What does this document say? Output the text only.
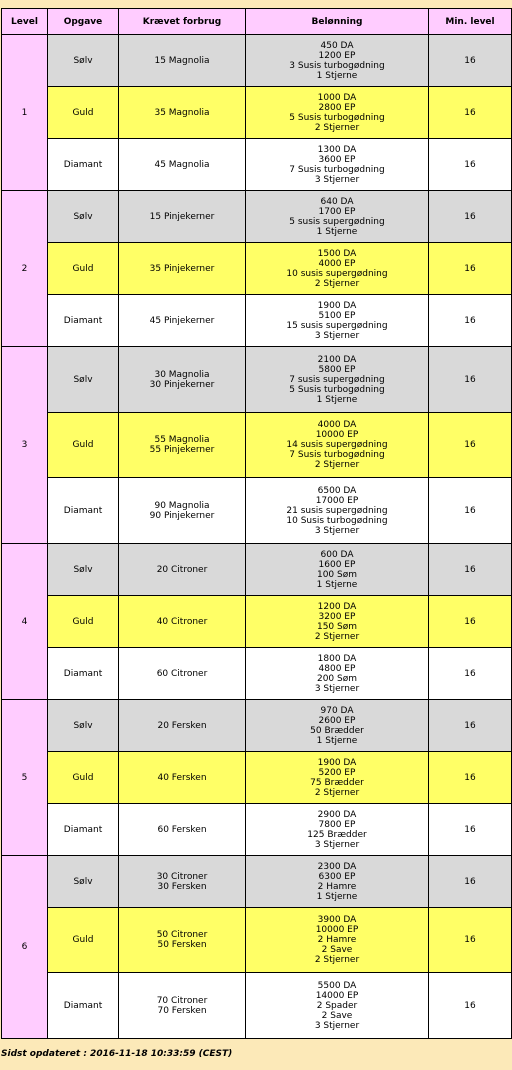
Level	Opgave	Krævet forbrug	Belønning	Min. level
1	Sølv	15 Magnolia	450 DA
1200 EP
3 Susis turbogødning
1 Stjerne	16
	Guld	35 Magnolia	1000 DA
2800 EP
5 Susis turbogødning
2 Stjerner	16
	Diamant	45 Magnolia	1300 DA
3600 EP
7 Susis turbogødning
3 Stjerner	16
2	Sølv	15 Pinjekerner	640 DA
1700 EP
5 susis supergødning
1 Stjerne	16
	Guld	35 Pinjekerner	1500 DA
4000 EP
10 susis supergødning
2 Stjerner	16
	Diamant	45 Pinjekerner	1900 DA
5100 EP
15 susis supergødning
3 Stjerner	16
3	Sølv	30 Magnolia
30 Pinjekerner	2100 DA
5800 EP
7 susis supergødning
5 Susis turbogødning
1 Stjerne	16
	Guld	55 Magnolia
55 Pinjekerner	4000 DA
10000 EP
14 susis supergødning
7 Susis turbogødning
2 Stjerner	16
	Diamant	90 Magnolia
90 Pinjekerner	6500 DA
17000 EP
21 susis supergødning
10 Susis turbogødning
3 Stjerner	16
4	Sølv	20 Citroner	600 DA
1600 EP
100 Søm
1 Stjerne	16
	Guld	40 Citroner	1200 DA
3200 EP
150 Søm
2 Stjerner	16
	Diamant	60 Citroner	1800 DA
4800 EP
200 Søm
3 Stjerner	16
5	Sølv	20 Fersken	970 DA
2600 EP
50 Brædder
1 Stjerne	16
	Guld	40 Fersken	1900 DA
5200 EP
75 Brædder
2 Stjerner	16
	Diamant	60 Fersken	2900 DA
7800 EP
125 Brædder
3 Stjerner	16
6	Sølv	30 Citroner
30 Fersken	2300 DA
6300 EP
2 Hamre
1 Stjerne	16
	Guld	50 Citroner
50 Fersken	3900 DA
10000 EP
2 Hamre
2 Save
2 Stjerner	16
	Diamant	70 Citroner
70 Fersken	5500 DA
14000 EP
2 Spader
2 Save
3 Stjerner	16
Sidst opdateret : 2016-11-18 10:33:59 (CEST)
